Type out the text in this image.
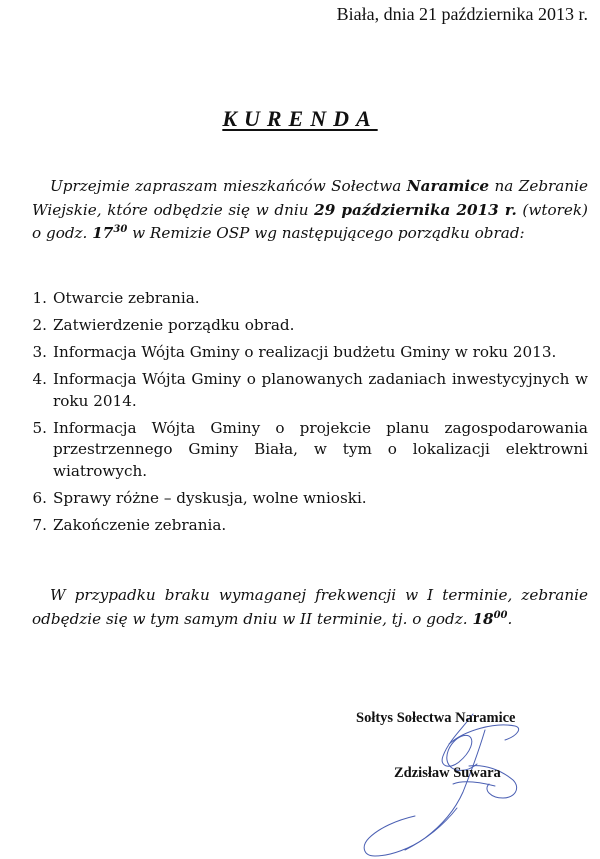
Biała, dnia 21 października 2013 r.
KURENDA

Uprzejmie zapraszam mieszkańców Sołectwa Naramice na Zebranie Wiejskie, które odbędzie się w dniu 29 października 2013 r. (wtorek) o godz. $17^{30}$ w Remizie OSP wg następującego porządku obrad:

1. Otwarcie zebrania.
2. Zatwierdzenie porządku obrad.
3. Informacja Wójta Gminy o realizacji budżetu Gminy w roku 2013.
4. Informacja Wójta Gminy o planowanych zadaniach inwestycyjnych w roku 2014.
5. Informacja Wójta Gminy o projekcie planu zagospodarowania przestrzennego Gminy Biała, w tym o lokalizacji elektrowni wiatrowych.
6. Sprawy różne – dyskusja, wolne wnioski.
7. Zakończenie zebrania.

W przypadku braku wymaganej frekwencji w I terminie, zebranie odbędzie się w tym samym dniu w II terminie, tj. o godz. $18^{00}$.

Sołtys Sołectwa Naramice
Zdzisław Suwara
